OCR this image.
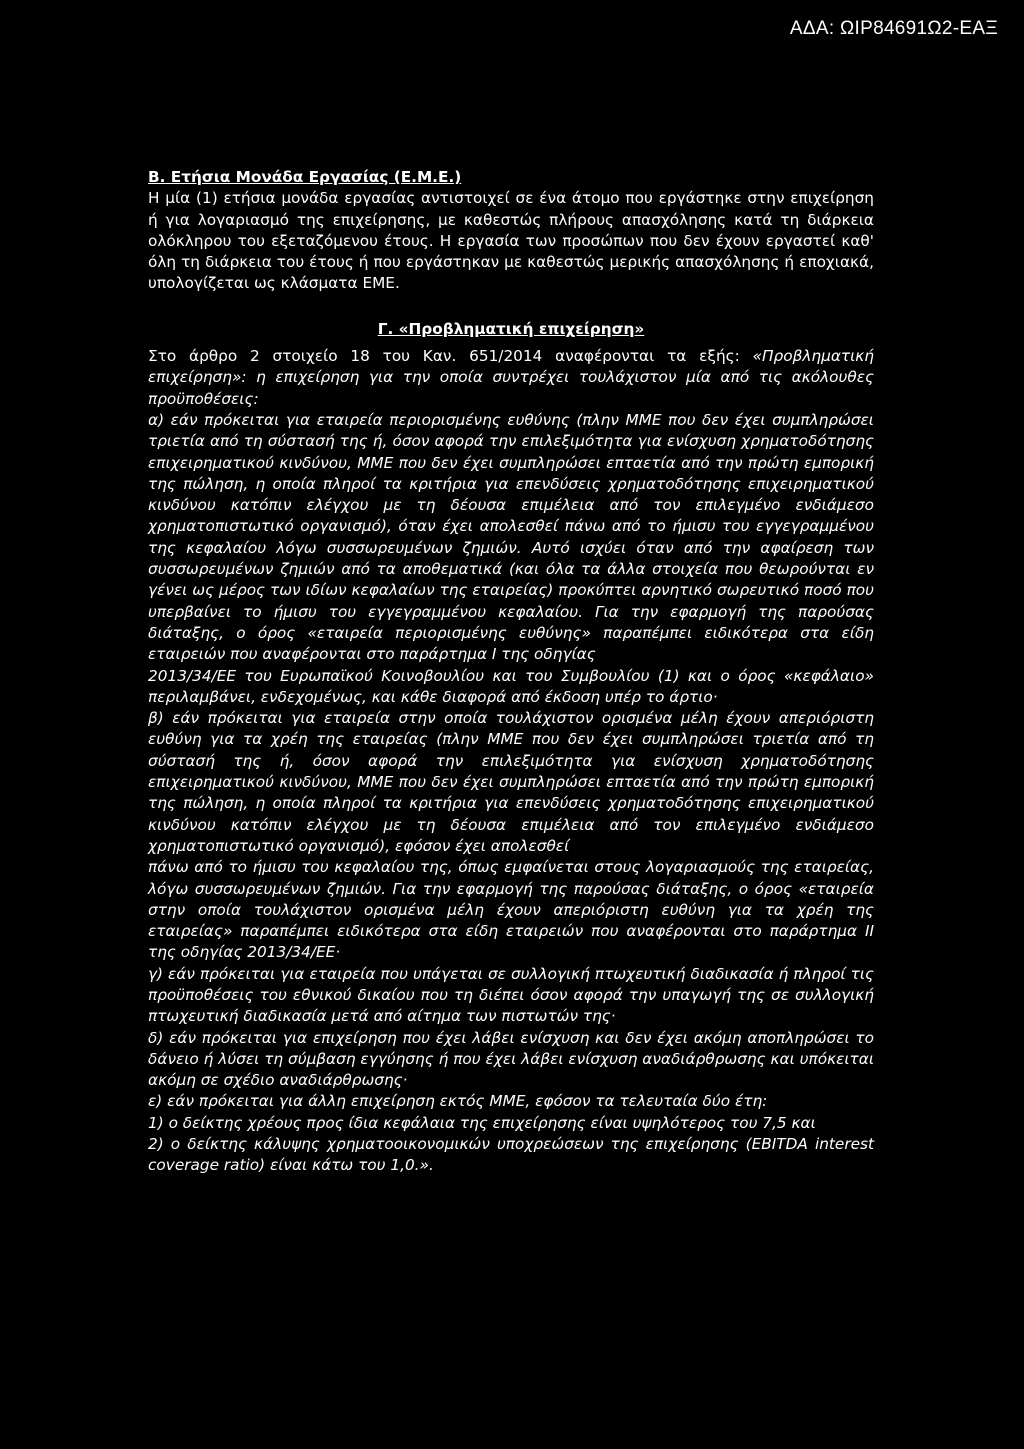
ΑΔΑ: ΩΙΡ84691Ω2-ΕΑΞ

Β. Ετήσια Μονάδα Εργασίας (Ε.Μ.Ε.)

Η μία (1) ετήσια μονάδα εργασίας αντιστοιχεί σε ένα άτομο που εργάστηκε στην επιχείρηση ή για λογαριασμό της επιχείρησης, με καθεστώς πλήρους απασχόλησης κατά τη διάρκεια ολόκληρου του εξεταζόμενου έτους. Η εργασία των προσώπων που δεν έχουν εργαστεί καθ' όλη τη διάρκεια του έτους ή που εργάστηκαν με καθεστώς μερικής απασχόλησης ή εποχιακά, υπολογίζεται ως κλάσματα ΕΜΕ.

Γ. «Προβληματική επιχείρηση»

Στο άρθρο 2 στοιχείο 18 του Καν. 651/2014 αναφέρονται τα εξής: «Προβληματική επιχείρηση»: η επιχείρηση για την οποία συντρέχει τουλάχιστον μία από τις ακόλουθες προϋποθέσεις:

α) εάν πρόκειται για εταιρεία περιορισμένης ευθύνης (πλην ΜΜΕ που δεν έχει συμπληρώσει τριετία από τη σύστασή της ή, όσον αφορά την επιλεξιμότητα για ενίσχυση χρηματοδότησης επιχειρηματικού κινδύνου, ΜΜΕ που δεν έχει συμπληρώσει επταετία από την πρώτη εμπορική της πώληση, η οποία πληροί τα κριτήρια για επενδύσεις χρηματοδότησης επιχειρηματικού κινδύνου κατόπιν ελέγχου με τη δέουσα επιμέλεια από τον επιλεγμένο ενδιάμεσο χρηματοπιστωτικό οργανισμό), όταν έχει απολεσθεί πάνω από το ήμισυ του εγγεγραμμένου της κεφαλαίου λόγω συσσωρευμένων ζημιών. Αυτό ισχύει όταν από την αφαίρεση των συσσωρευμένων ζημιών από τα αποθεματικά (και όλα τα άλλα στοιχεία που θεωρούνται εν γένει ως μέρος των ιδίων κεφαλαίων της εταιρείας) προκύπτει αρνητικό σωρευτικό ποσό που υπερβαίνει το ήμισυ του εγγεγραμμένου κεφαλαίου. Για την εφαρμογή της παρούσας διάταξης, ο όρος «εταιρεία περιορισμένης ευθύνης» παραπέμπει ειδικότερα στα είδη εταιρειών που αναφέρονται στο παράρτημα I της οδηγίας

2013/34/ΕΕ του Ευρωπαϊκού Κοινοβουλίου και του Συμβουλίου (1) και ο όρος «κεφάλαιο» περιλαμβάνει, ενδεχομένως, και κάθε διαφορά από έκδοση υπέρ το άρτιο·

β) εάν πρόκειται για εταιρεία στην οποία τουλάχιστον ορισμένα μέλη έχουν απεριόριστη ευθύνη για τα χρέη της εταιρείας (πλην ΜΜΕ που δεν έχει συμπληρώσει τριετία από τη σύστασή της ή, όσον αφορά την επιλεξιμότητα για ενίσχυση χρηματοδότησης επιχειρηματικού κινδύνου, ΜΜΕ που δεν έχει συμπληρώσει επταετία από την πρώτη εμπορική της πώληση, η οποία πληροί τα κριτήρια για επενδύσεις χρηματοδότησης επιχειρηματικού κινδύνου κατόπιν ελέγχου με τη δέουσα επιμέλεια από τον επιλεγμένο ενδιάμεσο χρηματοπιστωτικό οργανισμό), εφόσον έχει απολεσθεί

πάνω από το ήμισυ του κεφαλαίου της, όπως εμφαίνεται στους λογαριασμούς της εταιρείας, λόγω συσσωρευμένων ζημιών. Για την εφαρμογή της παρούσας διάταξης, ο όρος «εταιρεία στην οποία τουλάχιστον ορισμένα μέλη έχουν απεριόριστη ευθύνη για τα χρέη της εταιρείας» παραπέμπει ειδικότερα στα είδη εταιρειών που αναφέρονται στο παράρτημα II της οδηγίας 2013/34/ΕΕ·

γ) εάν πρόκειται για εταιρεία που υπάγεται σε συλλογική πτωχευτική διαδικασία ή πληροί τις προϋποθέσεις του εθνικού δικαίου που τη διέπει όσον αφορά την υπαγωγή της σε συλλογική πτωχευτική διαδικασία μετά από αίτημα των πιστωτών της·

δ) εάν πρόκειται για επιχείρηση που έχει λάβει ενίσχυση και δεν έχει ακόμη αποπληρώσει το δάνειο ή λύσει τη σύμβαση εγγύησης ή που έχει λάβει ενίσχυση αναδιάρθρωσης και υπόκειται ακόμη σε σχέδιο αναδιάρθρωσης·

ε) εάν πρόκειται για άλλη επιχείρηση εκτός ΜΜΕ, εφόσον τα τελευταία δύο έτη:

1) ο δείκτης χρέους προς ίδια κεφάλαια της επιχείρησης είναι υψηλότερος του 7,5 και

2) ο δείκτης κάλυψης χρηματοοικονομικών υποχρεώσεων της επιχείρησης (EBITDA interest coverage ratio) είναι κάτω του 1,0.».
